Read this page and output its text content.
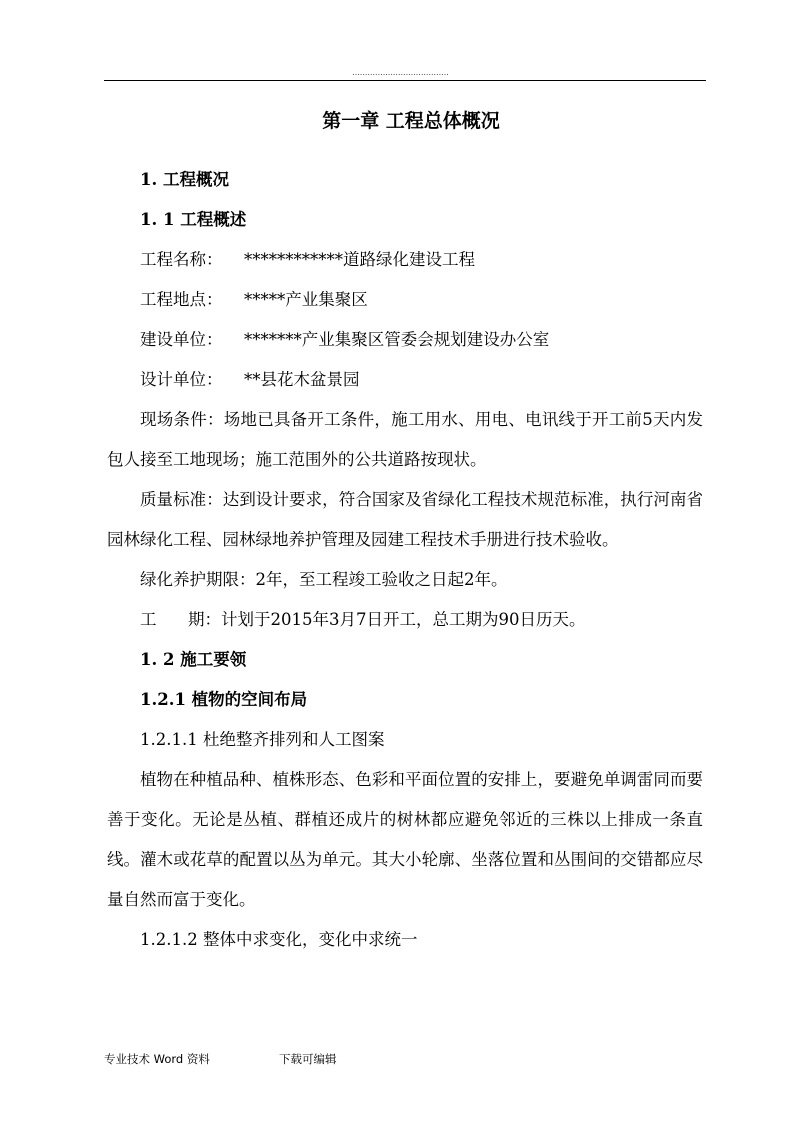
......................................
第一章 工程总体概况

1. 工程概况

1. 1 工程概述

工程名称： ************道路绿化建设工程
工程地点： *****产业集聚区
建设单位： *******产业集聚区管委会规划建设办公室
设计单位： **县花木盆景园

现场条件：场地已具备开工条件，施工用水、用电、电讯线于开工前5天内发包人接至工地现场；施工范围外的公共道路按现状。

质量标准：达到设计要求，符合国家及省绿化工程技术规范标准，执行河南省园林绿化工程、园林绿地养护管理及园建工程技术手册进行技术验收。

绿化养护期限：2年，至工程竣工验收之日起2年。

工      期：计划于2015年3月7日开工，总工期为90日历天。

1. 2 施工要领

1.2.1 植物的空间布局

1.2.1.1 杜绝整齐排列和人工图案

植物在种植品种、植株形态、色彩和平面位置的安排上，要避免单调雷同而要善于变化。无论是丛植、群植还成片的树林都应避免邻近的三株以上排成一条直线。灌木或花草的配置以丛为单元。其大小轮廓、坐落位置和丛围间的交错都应尽量自然而富于变化。

1.2.1.2 整体中求变化，变化中求统一

专业技术 Word 资料	下载可编辑
